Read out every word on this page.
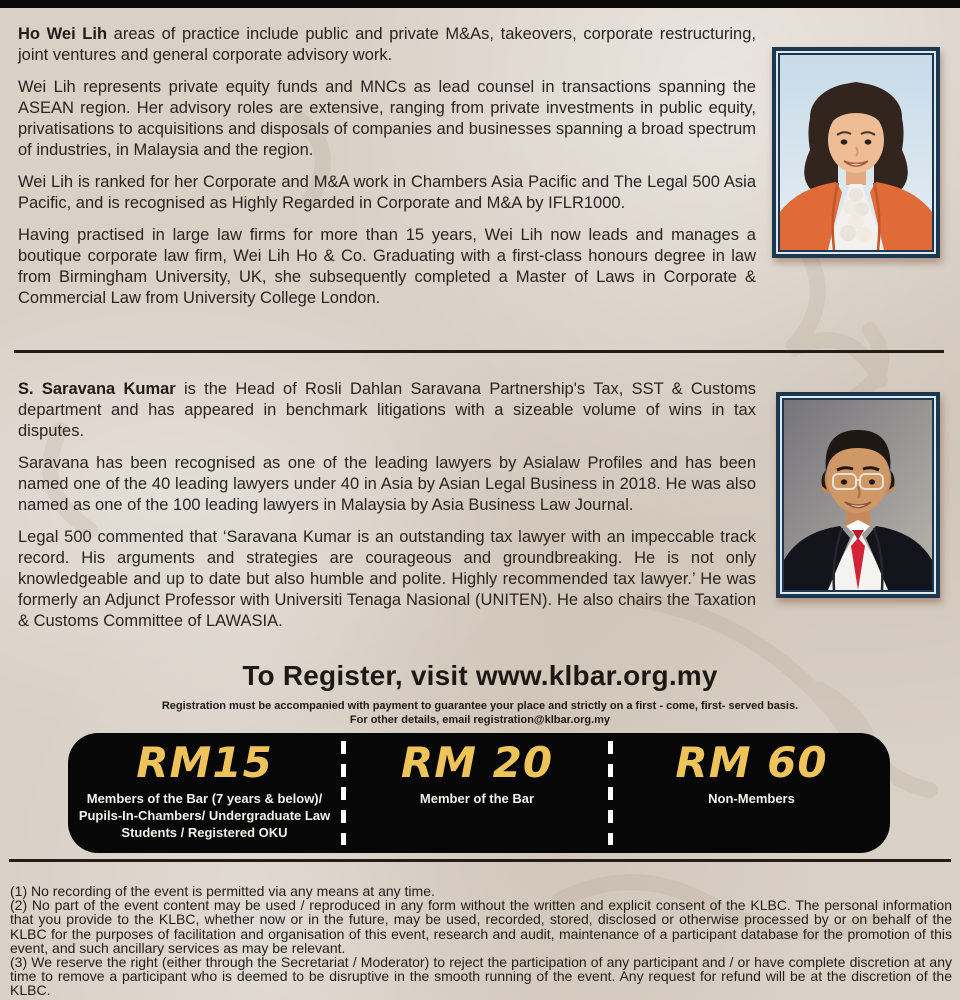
Ho Wei Lih areas of practice include public and private M&As, takeovers, corporate restructuring, joint ventures and general corporate advisory work.

Wei Lih represents private equity funds and MNCs as lead counsel in transactions spanning the ASEAN region. Her advisory roles are extensive, ranging from private investments in public equity, privatisations to acquisitions and disposals of companies and businesses spanning a broad spectrum of industries, in Malaysia and the region.

Wei Lih is ranked for her Corporate and M&A work in Chambers Asia Pacific and The Legal 500 Asia Pacific, and is recognised as Highly Regarded in Corporate and M&A by IFLR1000.

Having practised in large law firms for more than 15 years, Wei Lih now leads and manages a boutique corporate law firm, Wei Lih Ho & Co. Graduating with a first-class honours degree in law from Birmingham University, UK, she subsequently completed a Master of Laws in Corporate & Commercial Law from University College London.

S. Saravana Kumar is the Head of Rosli Dahlan Saravana Partnership's Tax, SST & Customs department and has appeared in benchmark litigations with a sizeable volume of wins in tax disputes.

Saravana has been recognised as one of the leading lawyers by Asialaw Profiles and has been named one of the 40 leading lawyers under 40 in Asia by Asian Legal Business in 2018. He was also named as one of the 100 leading lawyers in Malaysia by Asia Business Law Journal.

Legal 500 commented that ‘Saravana Kumar is an outstanding tax lawyer with an impeccable track record. His arguments and strategies are courageous and groundbreaking. He is not only knowledgeable and up to date but also humble and polite. Highly recommended tax lawyer.’ He was formerly an Adjunct Professor with Universiti Tenaga Nasional (UNITEN). He also chairs the Taxation & Customs Committee of LAWASIA.

To Register, visit www.klbar.org.my
Registration must be accompanied with payment to guarantee your place and strictly on a first - come, first- served basis.
For other details, email registration@klbar.org.my
RM15
Members of the Bar (7 years & below)/ Pupils-In-Chambers/ Undergraduate Law Students / Registered OKU
RM 20
Member of the Bar
RM 60
Non-Members

(1) No recording of the event is permitted via any means at any time.

(2) No part of the event content may be used / reproduced in any form without the written and explicit consent of the KLBC. The personal information that you provide to the KLBC, whether now or in the future, may be used, recorded, stored, disclosed or otherwise processed by or on behalf of the KLBC for the purposes of facilitation and organisation of this event, research and audit, maintenance of a participant database for the promotion of this event, and such ancillary services as may be relevant.

(3) We reserve the right (either through the Secretariat / Moderator) to reject the participation of any participant and / or have complete discretion at any time to remove a participant who is deemed to be disruptive in the smooth running of the event. Any request for refund will be at the discretion of the KLBC.
